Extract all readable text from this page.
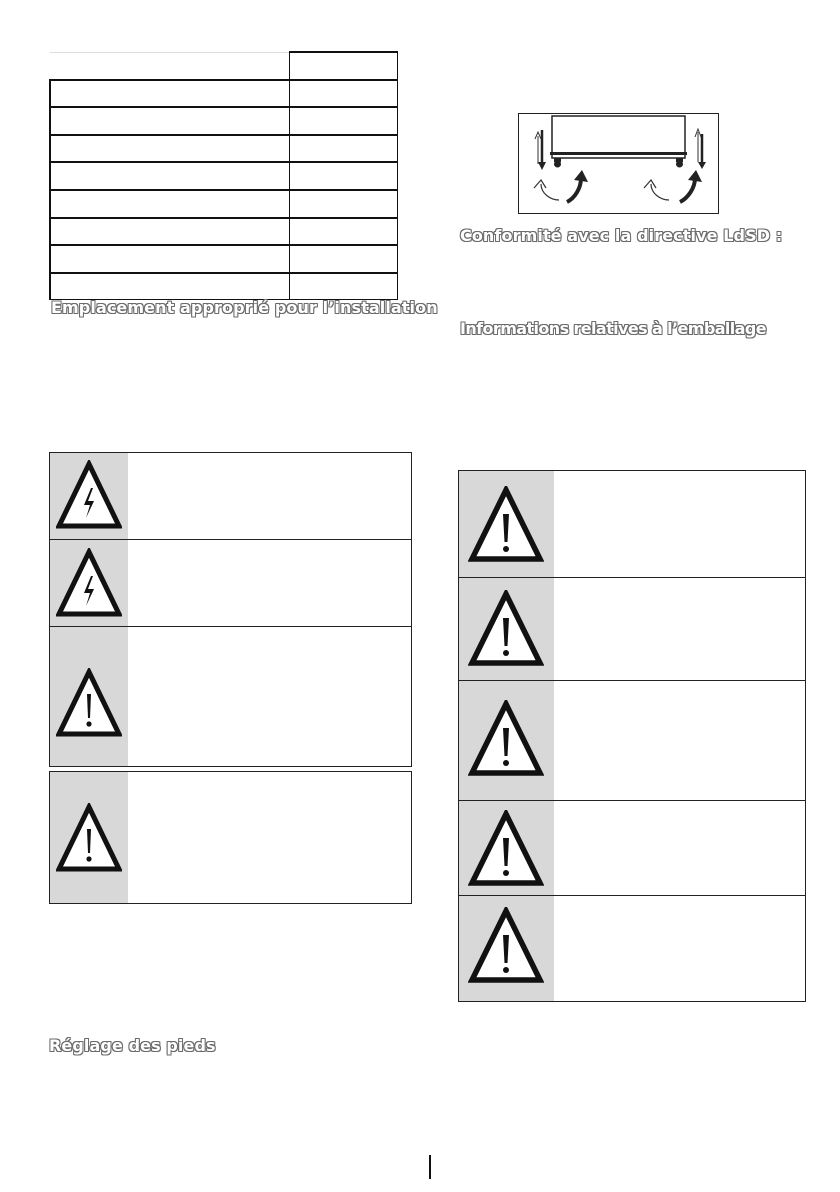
Emplacement approprié pour l’installation
Réglage des pieds
Conformité avec la directive LdSD :
Informations relatives à l’emballage
